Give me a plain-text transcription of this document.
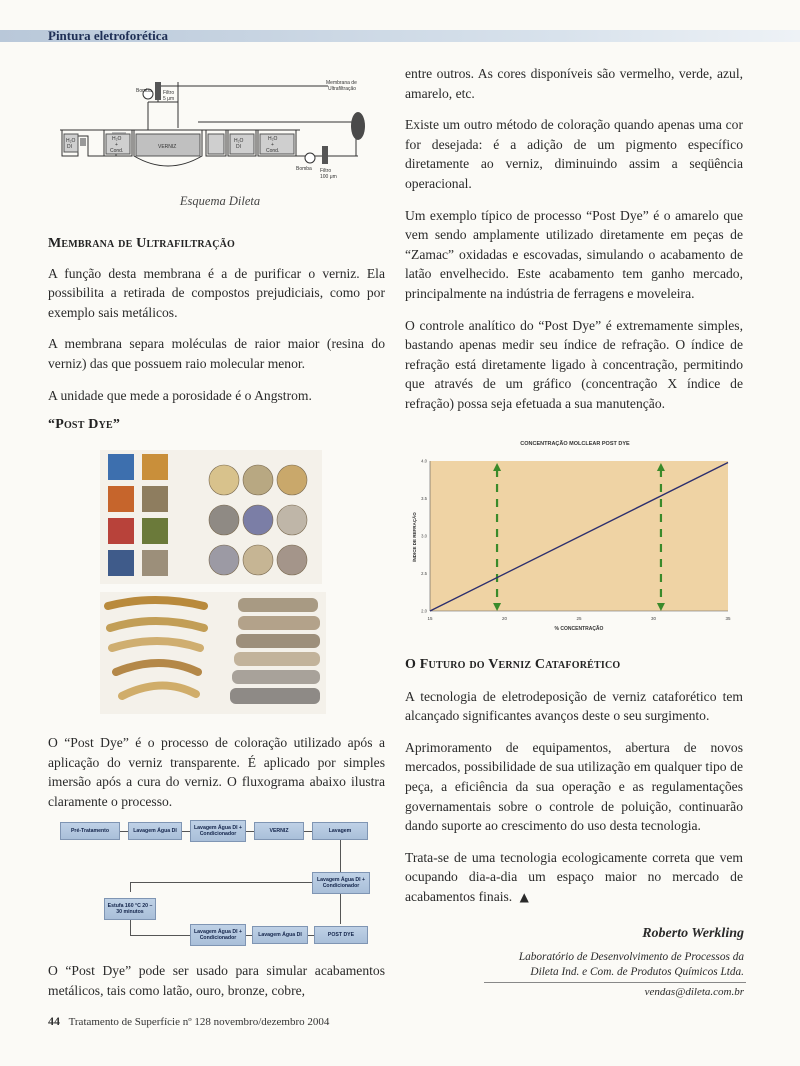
Pintura eletroforética
Bomba Filtro
5 μm
Membrana de
Ultrafiltração
Bomba Filtro
100 μm
H₂O
DI
H₂O
+
Cond.
VERNIZ
H₂O
DI
H₂O
+
Cond.
Esquema Dileta
Membrana de Ultrafiltração

A função desta membrana é a de purificar o verniz. Ela possibilita a retirada de compostos prejudiciais, como por exemplo sais metálicos.

A membrana separa moléculas de raior maior (resina do verniz) das que possuem raio molecular menor.

A unidade que mede a porosidade é o Angstrom.

“Post Dye”

O “Post Dye” é o processo de coloração utilizado após a aplicação do verniz transparente. É aplicado por simples imersão após a cura do verniz. O fluxograma abaixo ilustra claramente o processo.

Pré-Tratamento	Lavagem Água DI	Lavagem Água DI + Condicionador	VERNIZ	Lavagem
Lavagem Água DI + Condicionador
Estufa 160 °C 20 – 30 minutos
Lavagem Água DI + Condicionador	Lavagem Água DI	POST DYE

O “Post Dye” pode ser usado para simular acabamentos metálicos, tais como latão, ouro, bronze, cobre,

entre outros. As cores disponíveis são vermelho, verde, azul, amarelo, etc.

Existe um outro método de coloração quando apenas uma cor for desejada: é a adição de um pigmento específico diretamente ao verniz, diminuindo assim a seqüência operacional.

Um exemplo típico de processo “Post Dye” é o amarelo que vem sendo amplamente utilizado diretamente em peças de “Zamac” oxidadas e escovadas, simulando o acabamento de latão envelhecido. Este acabamento tem ganho mercado, principalmente na indústria de ferragens e moveleira.

O controle analítico do “Post Dye” é extremamente simples, bastando apenas medir seu índice de refração. O índice de refração está diretamente ligado à concentração, permitindo que através de um gráfico (concentração X índice de refração) possa seja efetuada a sua manutenção.

CONCENTRAÇÃO MOLCLEAR POST DYE
15	20	25	30	35
2.0
2.5
3.0
3.5
4.0
% CONCENTRAÇÃO
ÍNDICE DE REFRAÇÃO
O Futuro do Verniz Cataforético

A tecnologia de eletrodeposição de verniz cataforético tem alcançado significantes avanços deste o seu surgimento.

Aprimoramento de equipamentos, abertura de novos mercados, possibilidade de sua utilização em qualquer tipo de peça, a eficiência da sua operação e as regulamentações governamentais sobre o controle de poluição, continuarão dando suporte ao crescimento do uso desta tecnologia.

Trata-se de uma tecnologia ecologicamente correta que vem ocupando dia-a-dia um espaço maior no mercado de acabamentos finais. ▲
Roberto Werkling
Laboratório de Desenvolvimento de Processos da
Dileta Ind. e Com. de Produtos Químicos Ltda.
vendas@dileta.com.br
44 Tratamento de Superfície nº 128 novembro/dezembro 2004
